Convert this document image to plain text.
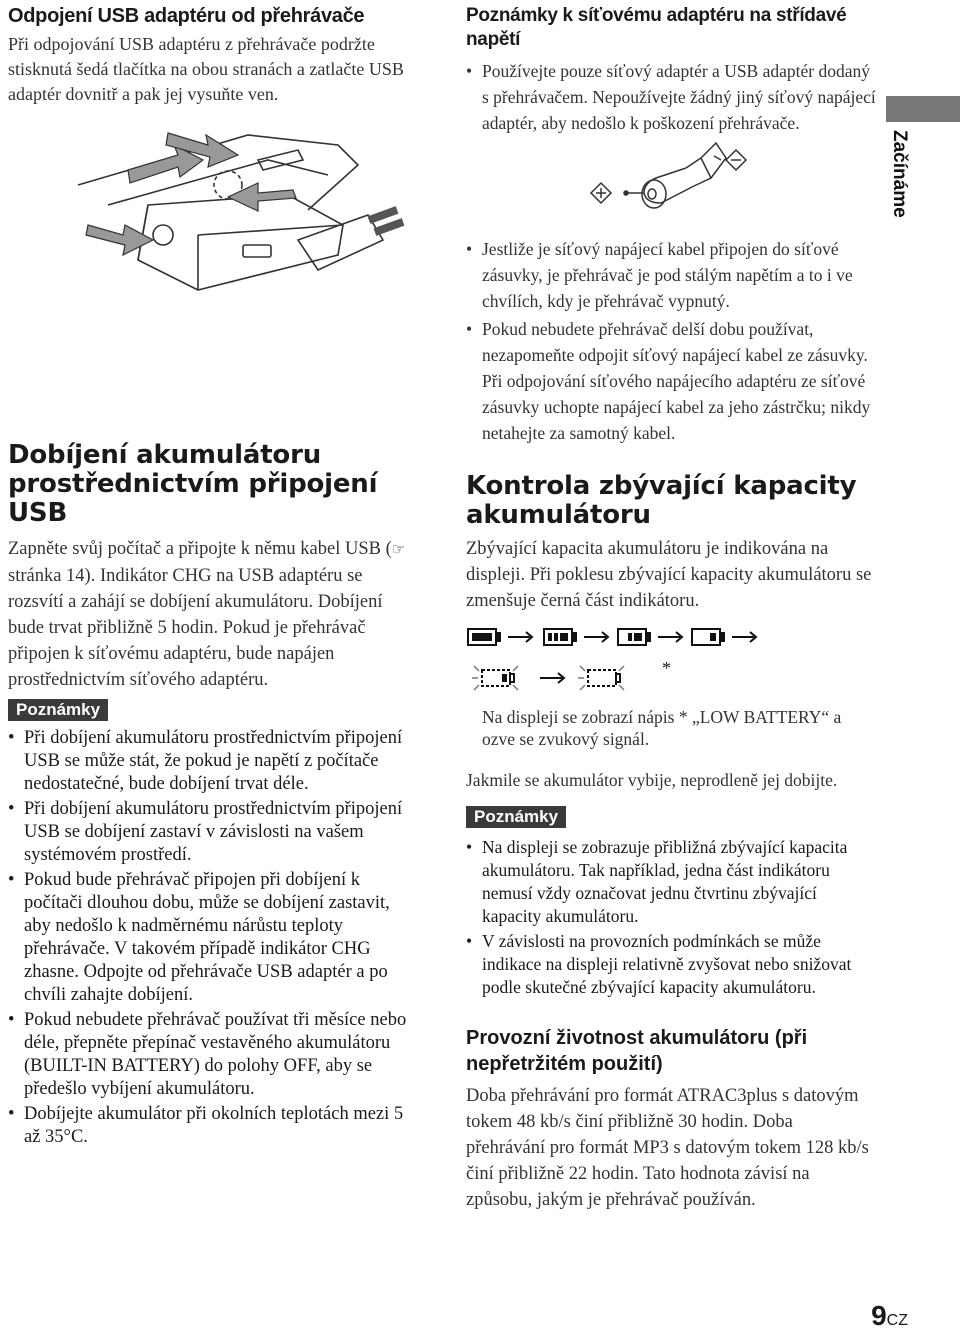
Odpojení USB adaptéru od přehrávače

Při odpojování USB adaptéru z přehrávače podržte stisknutá šedá tlačítka na obou stranách a zatlačte USB adaptér dovnitř a pak jej vysuňte ven.

Dobíjení akumulátoru prostřednictvím připojení USB

Zapněte svůj počítač a připojte k němu kabel USB (☞ stránka 14). Indikátor CHG na USB adaptéru se rozsvítí a zahájí se dobíjení akumulátoru. Dobíjení bude trvat přibližně 5 hodin. Pokud je přehrávač připojen k síťovému adaptéru, bude napájen prostřednictvím síťového adaptéru.

Poznámky
• Při dobíjení akumulátoru prostřednictvím připojení USB se může stát, že pokud je napětí z počítače nedostatečné, bude dobíjení trvat déle.
• Při dobíjení akumulátoru prostřednictvím připojení USB se dobíjení zastaví v závislosti na vašem systémovém prostředí.
• Pokud bude přehrávač připojen při dobíjení k počítači dlouhou dobu, může se dobíjení zastavit, aby nedošlo k nadměrnému nárůstu teploty přehrávače. V takovém případě indikátor CHG zhasne. Odpojte od přehrávače USB adaptér a po chvíli zahajte dobíjení.
• Pokud nebudete přehrávač používat tři měsíce nebo déle, přepněte přepínač vestavěného akumulátoru (BUILT-IN BATTERY) do polohy OFF, aby se předešlo vybíjení akumulátoru.
• Dobíjejte akumulátor při okolních teplotách mezi 5 až 35°C.
Poznámky k síťovému adaptéru na střídavé napětí
• Používejte pouze síťový adaptér a USB adaptér dodaný s přehrávačem. Nepoužívejte žádný jiný síťový napájecí adaptér, aby nedošlo k poškození přehrávače.
• Jestliže je síťový napájecí kabel připojen do síťové zásuvky, je přehrávač je pod stálým napětím a to i ve chvílích, kdy je přehrávač vypnutý.
• Pokud nebudete přehrávač delší dobu používat, nezapomeňte odpojit síťový napájecí kabel ze zásuvky. Při odpojování síťového napájecího adaptéru ze síťové zásuvky uchopte napájecí kabel za jeho zástrčku; nikdy netahejte za samotný kabel.
Kontrola zbývající kapacity akumulátoru

Zbývající kapacita akumulátoru je indikována na displeji. Při poklesu zbývající kapacity akumulátoru se zmenšuje černá část indikátoru.

*

Na displeji se zobrazí nápis * „LOW BATTERY“ a ozve se zvukový signál.

Jakmile se akumulátor vybije, neprodleně jej dobijte.

Poznámky
• Na displeji se zobrazuje přibližná zbývající kapacita akumulátoru. Tak například, jedna část indikátoru nemusí vždy označovat jednu čtvrtinu zbývající kapacity akumulátoru.
• V závislosti na provozních podmínkách se může indikace na displeji relativně zvyšovat nebo snižovat podle skutečné zbývající kapacity akumulátoru.
Provozní životnost akumulátoru (při nepřetržitém použití)

Doba přehrávání pro formát ATRAC3plus s datovým tokem 48 kb/s činí přibližně 30 hodin. Doba přehrávání pro formát MP3 s datovým tokem 128 kb/s činí přibližně 22 hodin. Tato hodnota závisí na způsobu, jakým je přehrávač používán.

Začínáme
9CZ
